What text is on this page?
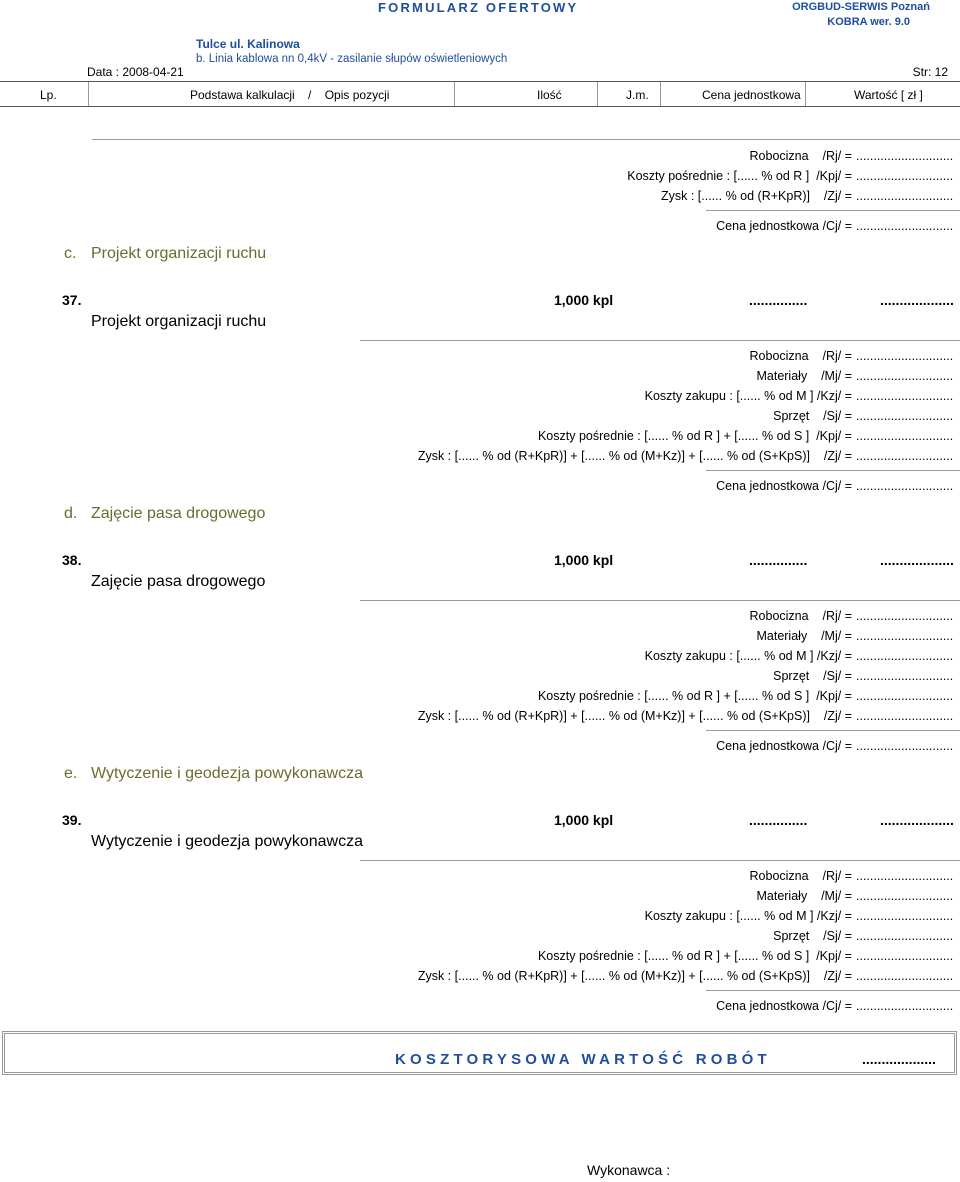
FORMULARZ OFERTOWY	ORGBUD-SERWIS Poznań
KOBRA wer. 9.0
Tulce ul. Kalinowa
b. Linia kablowa nn 0,4kV - zasilanie słupów oświetleniowych
Data : 2008-04-21	Str: 12
Lp.	Podstawa kalkulacji    /    Opis pozycji	Ilość	J.m.	Cena jednostkowa	Wartość [ zł ]
Robocizna    /Rj/ = ............................
Koszty pośrednie : [...... % od R ]  /Kpj/ = ............................
Zysk : [...... % od (R+KpR)]    /Zj/ = ............................
Cena jednostkowa /Cj/ = ............................
c. Projekt organizacji ruchu
37.	1,000 kpl	...............	...................
Projekt organizacji ruchu
Robocizna    /Rj/ = ............................
Materiały    /Mj/ = ............................
Koszty zakupu : [...... % od M ] /Kzj/ = ............................
Sprzęt    /Sj/ = ............................
Koszty pośrednie : [...... % od R ] + [...... % od S ]  /Kpj/ = ............................
Zysk : [...... % od (R+KpR)] + [...... % od (M+Kz)] + [...... % od (S+KpS)]    /Zj/ = ............................
Cena jednostkowa /Cj/ = ............................
d. Zajęcie pasa drogowego
38.	1,000 kpl	...............	...................
Zajęcie pasa drogowego
Robocizna    /Rj/ = ............................
Materiały    /Mj/ = ............................
Koszty zakupu : [...... % od M ] /Kzj/ = ............................
Sprzęt    /Sj/ = ............................
Koszty pośrednie : [...... % od R ] + [...... % od S ]  /Kpj/ = ............................
Zysk : [...... % od (R+KpR)] + [...... % od (M+Kz)] + [...... % od (S+KpS)]    /Zj/ = ............................
Cena jednostkowa /Cj/ = ............................
e. Wytyczenie i geodezja powykonawcza
39.	1,000 kpl	...............	...................
Wytyczenie i geodezja powykonawcza
Robocizna    /Rj/ = ............................
Materiały    /Mj/ = ............................
Koszty zakupu : [...... % od M ] /Kzj/ = ............................
Sprzęt    /Sj/ = ............................
Koszty pośrednie : [...... % od R ] + [...... % od S ]  /Kpj/ = ............................
Zysk : [...... % od (R+KpR)] + [...... % od (M+Kz)] + [...... % od (S+KpS)]    /Zj/ = ............................
Cena jednostkowa /Cj/ = ............................
KOSZTORYSOWA WARTOŚĆ ROBÓT	...................
Wykonawca :
